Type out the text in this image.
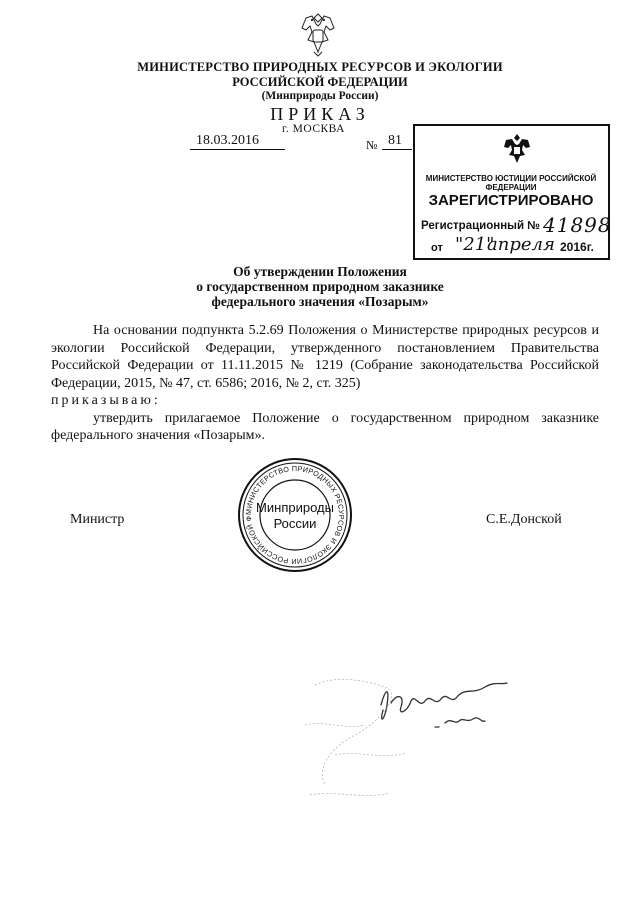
МИНИСТЕРСТВО ПРИРОДНЫХ РЕСУРСОВ И ЭКОЛОГИИ
РОССИЙСКОЙ ФЕДЕРАЦИИ
(Минприроды России)
ПРИКАЗ
г. МОСКВА
18.03.2016	№ 81
МИНИСТЕРСТВО ЮСТИЦИИ РОССИЙСКОЙ ФЕДЕРАЦИИ
ЗАРЕГИСТРИРОВАНО
Регистрационный № 41898
от "21"
апреля 2016г.
Об утверждении Положения
о государственном природном заказнике
федерального значения «Позарым»

На основании подпункта 5.2.69 Положения о Министерстве природных ресурсов и экологии Российской Федерации, утвержденного постановлением Правительства Российской Федерации от 11.11.2015 № 1219 (Собрание законодательства Российской Федерации, 2015, № 47, ст. 6586; 2016, № 2, ст. 325)

приказываю:

утвердить прилагаемое Положение о государственном природном заказнике федерального значения «Позарым».

Министр	С.Е.Донской
МИНИСТЕРСТВО ПРИРОДНЫХ РЕСУРСОВ И ЭКОЛОГИИ РОССИЙСКОЙ Ф
Минприроды
России
